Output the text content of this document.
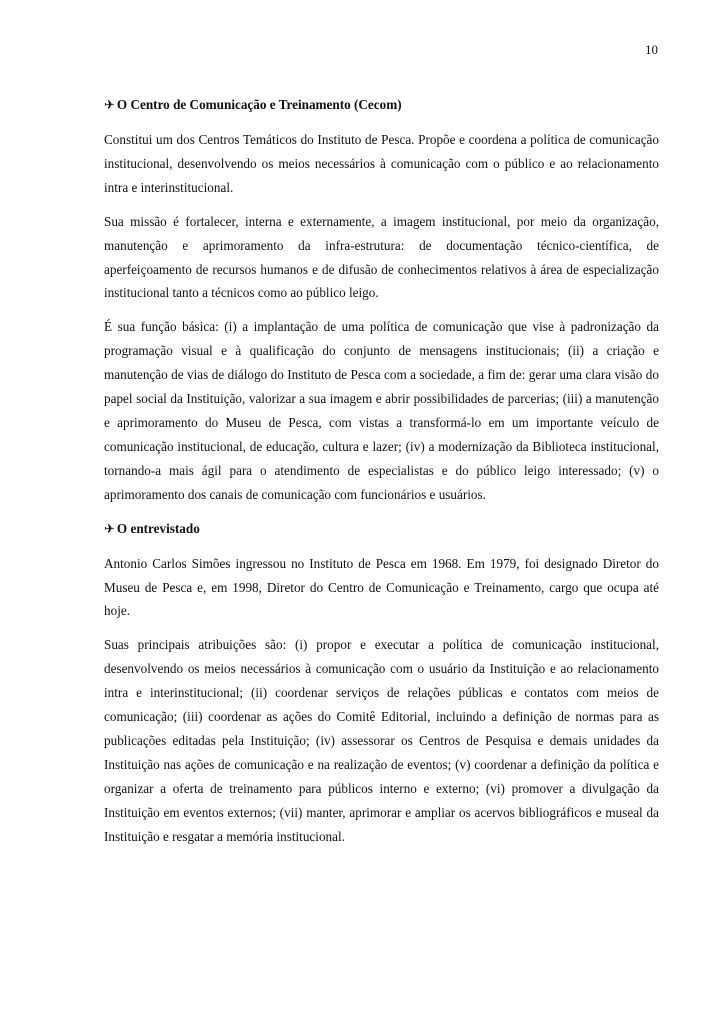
10
✈ O Centro de Comunicação e Treinamento (Cecom)

Constitui um dos Centros Temáticos do Instituto de Pesca. Propõe e coordena a política de comunicação institucional, desenvolvendo os meios necessários à comunicação com o público e ao relacionamento intra e interinstitucional.

Sua missão é fortalecer, interna e externamente, a imagem institucional, por meio da organização, manutenção e aprimoramento da infra-estrutura: de documentação técnico-científica, de aperfeiçoamento de recursos humanos e de difusão de conhecimentos relativos à área de especialização institucional tanto a técnicos como ao público leigo.

É sua função básica: (i) a implantação de uma política de comunicação que vise à padronização da programação visual e à qualificação do conjunto de mensagens institucionais; (ii) a criação e manutenção de vias de diálogo do Instituto de Pesca com a sociedade, a fim de: gerar uma clara visão do papel social da Instituição, valorizar a sua imagem e abrir possibilidades de parcerias; (iii) a manutenção e aprimoramento do Museu de Pesca, com vistas a transformá-lo em um importante veículo de comunicação institucional, de educação, cultura e lazer; (iv) a modernização da Biblioteca institucional, tornando-a mais ágil para o atendimento de especialistas e do público leigo interessado; (v) o aprimoramento dos canais de comunicação com funcionários e usuários.

✈ O entrevistado

Antonio Carlos Simões ingressou no Instituto de Pesca em 1968. Em 1979, foi designado Diretor do Museu de Pesca e, em 1998, Diretor do Centro de Comunicação e Treinamento, cargo que ocupa até hoje.

Suas principais atribuições são: (i) propor e executar a política de comunicação institucional, desenvolvendo os meios necessários à comunicação com o usuário da Instituição e ao relacionamento intra e interinstitucional; (ii) coordenar serviços de relações públicas e contatos com meios de comunicação; (iii) coordenar as ações do Comitê Editorial, incluindo a definição de normas para as publicações editadas pela Instituição; (iv) assessorar os Centros de Pesquisa e demais unidades da Instituição nas ações de comunicação e na realização de eventos; (v) coordenar a definição da política e organizar a oferta de treinamento para públicos interno e externo; (vi) promover a divulgação da Instituição em eventos externos; (vii) manter, aprimorar e ampliar os acervos bibliográficos e museal da Instituição e resgatar a memória institucional.
